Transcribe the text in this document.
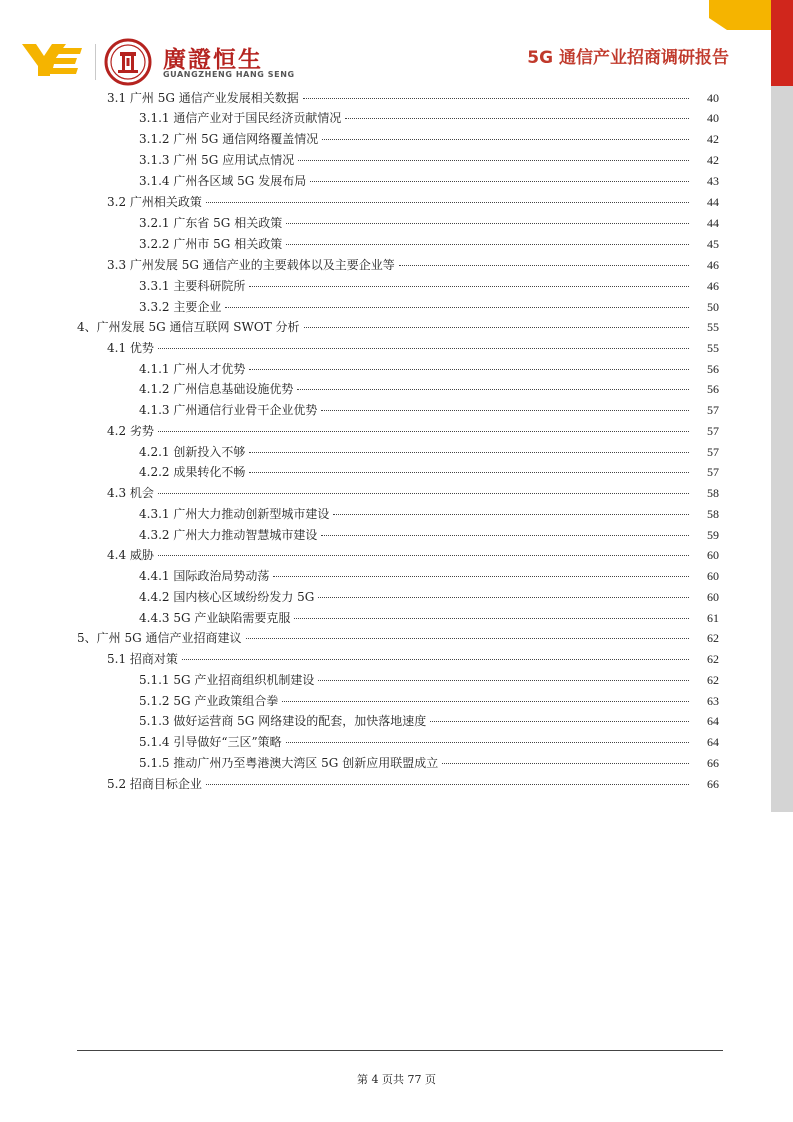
廣證恒生
GUANGZHENG HANG SENG
5G 通信产业招商调研报告
3.1 广州 5G 通信产业发展相关数据	40
3.1.1 通信产业对于国民经济贡献情况	40
3.1.2 广州 5G 通信网络覆盖情况	42
3.1.3 广州 5G 应用试点情况	42
3.1.4 广州各区域 5G 发展布局	43
3.2 广州相关政策	44
3.2.1 广东省 5G 相关政策	44
3.2.2 广州市 5G 相关政策	45
3.3 广州发展 5G 通信产业的主要载体以及主要企业等	46
3.3.1 主要科研院所	46
3.3.2 主要企业	50
4、广州发展 5G 通信互联网 SWOT 分析	55
4.1 优势	55
4.1.1 广州人才优势	56
4.1.2 广州信息基础设施优势	56
4.1.3 广州通信行业骨干企业优势	57
4.2 劣势	57
4.2.1 创新投入不够	57
4.2.2 成果转化不畅	57
4.3 机会	58
4.3.1 广州大力推动创新型城市建设	58
4.3.2 广州大力推动智慧城市建设	59
4.4 威胁	60
4.4.1 国际政治局势动荡	60
4.4.2 国内核心区域纷纷发力 5G	60
4.4.3 5G 产业缺陷需要克服	61
5、广州 5G 通信产业招商建议	62
5.1 招商对策	62
5.1.1 5G 产业招商组织机制建设	62
5.1.2 5G 产业政策组合拳	63
5.1.3 做好运营商 5G 网络建设的配套，加快落地速度	64
5.1.4 引导做好“三区”策略	64
5.1.5 推动广州乃至粤港澳大湾区 5G 创新应用联盟成立	66
5.2 招商目标企业	66
第 4 页共 77 页
